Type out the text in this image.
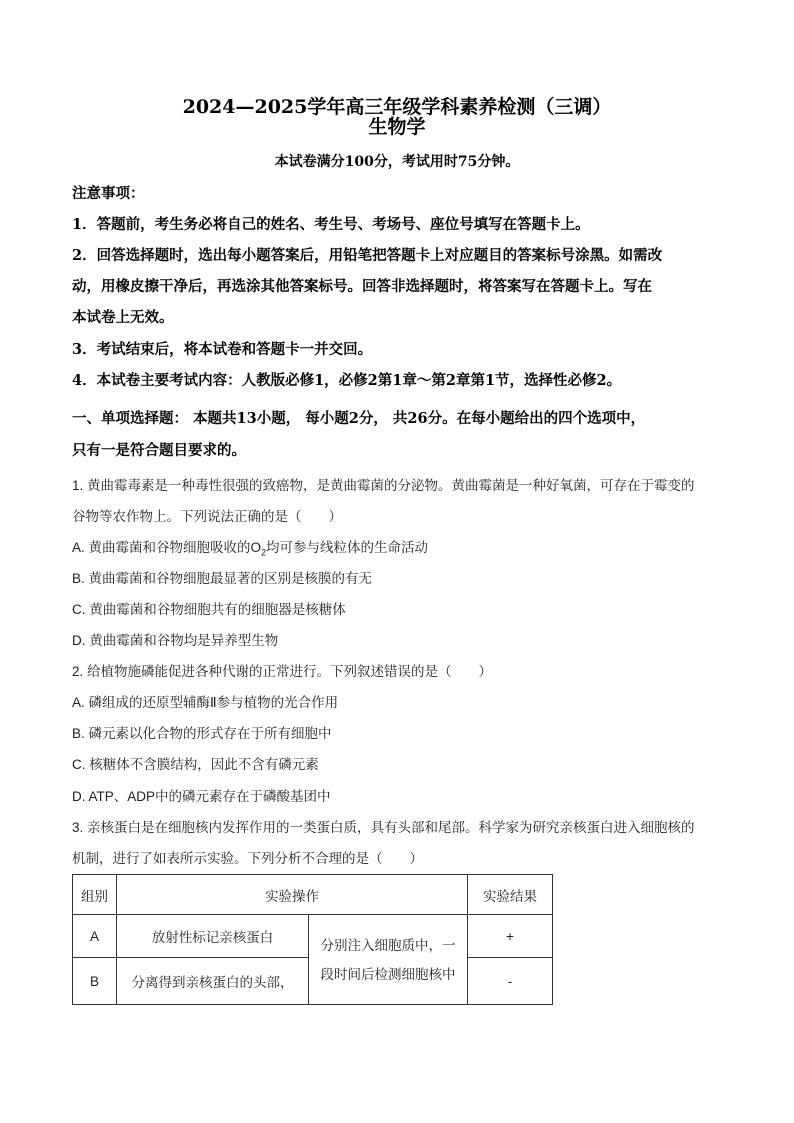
2024—2025学年高三年级学科素养检测（三调）
生物学
本试卷满分100分，考试用时75分钟。
注意事项：
1．答题前，考生务必将自己的姓名、考生号、考场号、座位号填写在答题卡上。
2．回答选择题时，选出每小题答案后，用铅笔把答题卡上对应题目的答案标号涂黑。如需改
动，用橡皮擦干净后，再选涂其他答案标号。回答非选择题时，将答案写在答题卡上。写在
本试卷上无效。
3．考试结束后，将本试卷和答题卡一并交回。
4．本试卷主要考试内容：人教版必修1，必修2第1章～第2章第1节，选择性必修2。
一、单项选择题： 本题共13小题， 每小题2分， 共26分。在每小题给出的四个选项中，
只有一是符合题目要求的。
1. 黄曲霉毒素是一种毒性很强的致癌物，是黄曲霉菌的分泌物。黄曲霉菌是一种好氧菌，可存在于霉变的
谷物等农作物上。下列说法正确的是（　　）
A. 黄曲霉菌和谷物细胞吸收的$O_2$均可参与线粒体的生命活动
B. 黄曲霉菌和谷物细胞最显著的区别是核膜的有无
C. 黄曲霉菌和谷物细胞共有的细胞器是核糖体
D. 黄曲霉菌和谷物均是异养型生物
2. 给植物施磷能促进各种代谢的正常进行。下列叙述错误的是（　　）
A. 磷组成的还原型辅酶Ⅱ参与植物的光合作用
B. 磷元素以化合物的形式存在于所有细胞中
C. 核糖体不含膜结构，因此不含有磷元素
D. ATP、ADP中的磷元素存在于磷酸基团中
3. 亲核蛋白是在细胞核内发挥作用的一类蛋白质，具有头部和尾部。科学家为研究亲核蛋白进入细胞核的
机制，进行了如表所示实验。下列分析不合理的是（　　）
组别	实验操作		实验结果
A	放射性标记亲核蛋白	分别注入细胞质中，一
段时间后检测细胞核中	+
B	分离得到亲核蛋白的头部，		-
